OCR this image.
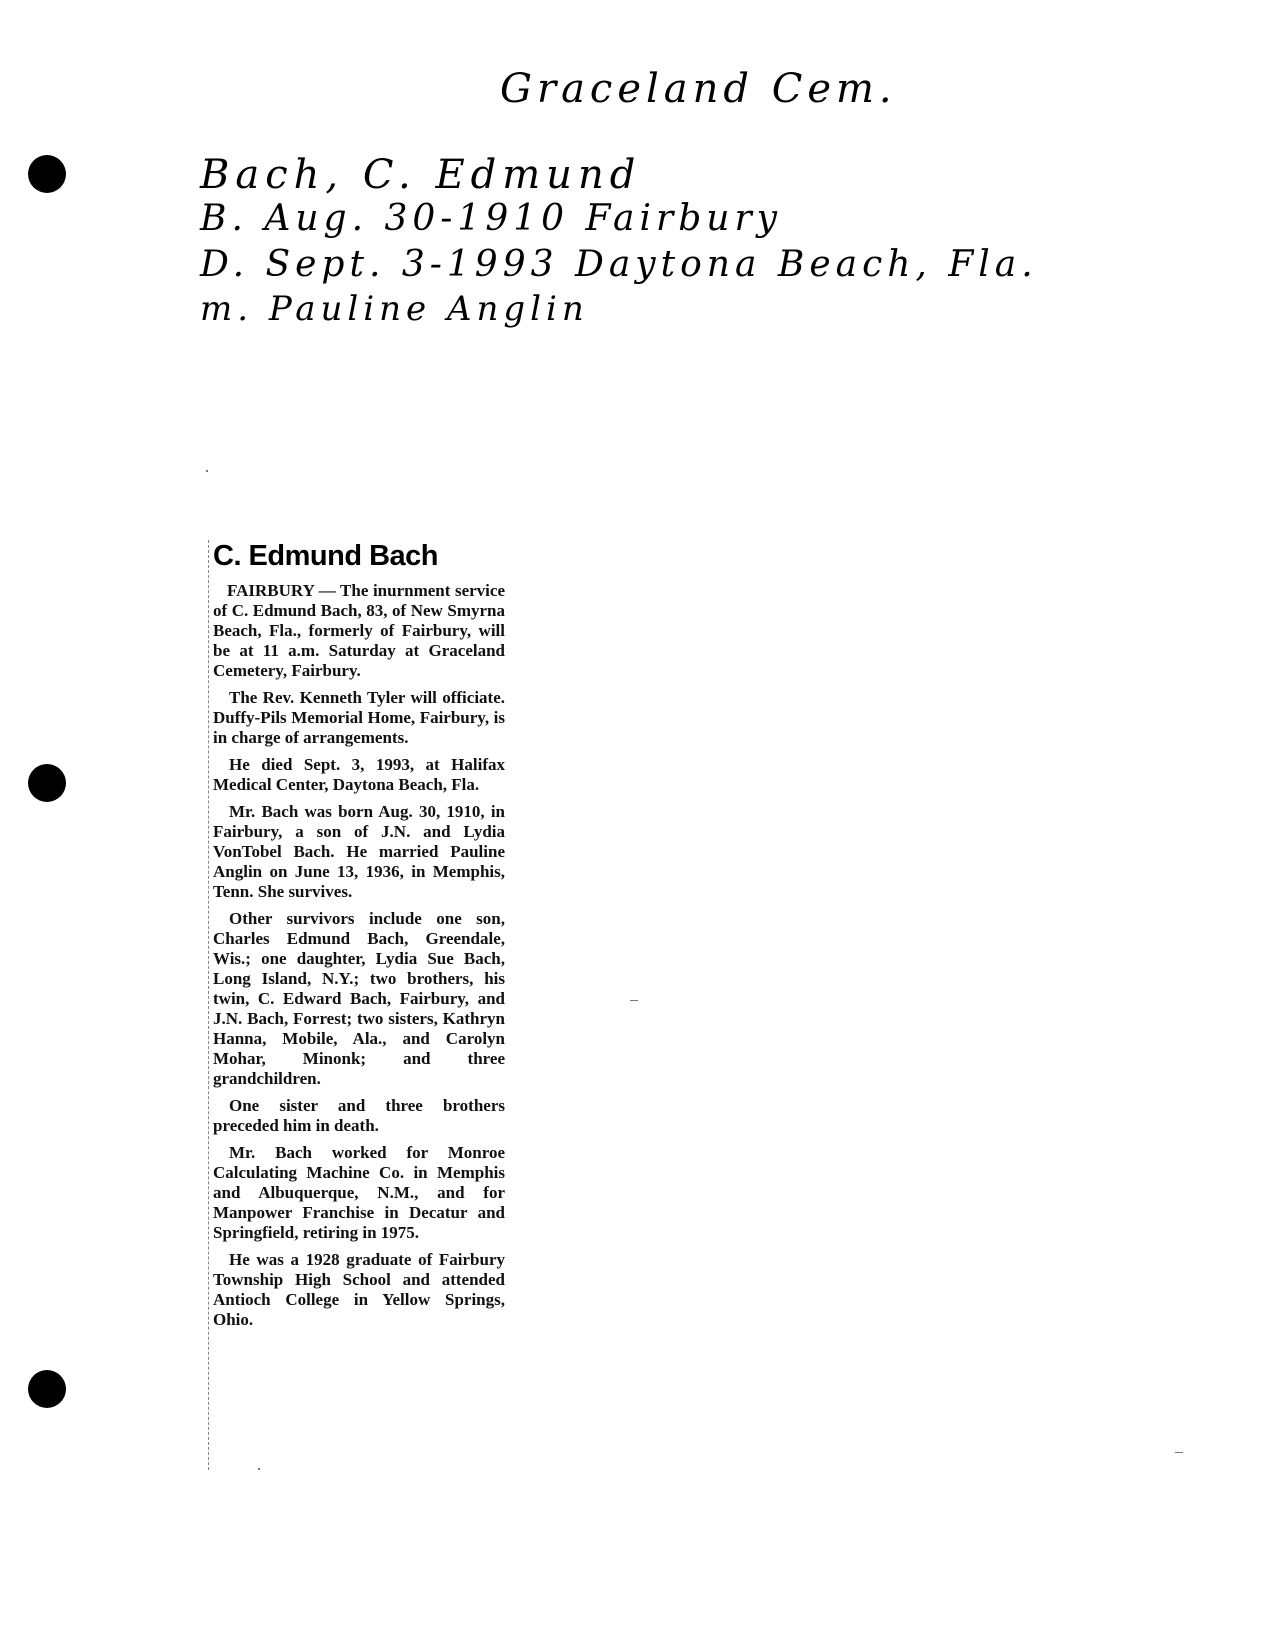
Graceland Cem.

Bach, C. Edmund

B. Aug. 30-1910 Fairbury

D. Sept. 3-1993 Daytona Beach, Fla.

m. Pauline Anglin

C. Edmund Bach

FAIRBURY — The inurnment service of C. Edmund Bach, 83, of New Smyrna Beach, Fla., formerly of Fairbury, will be at 11 a.m. Saturday at Graceland Cemetery, Fairbury.

The Rev. Kenneth Tyler will officiate. Duffy-Pils Memorial Home, Fairbury, is in charge of arrangements.

He died Sept. 3, 1993, at Halifax Medical Center, Daytona Beach, Fla.

Mr. Bach was born Aug. 30, 1910, in Fairbury, a son of J.N. and Lydia VonTobel Bach. He married Pauline Anglin on June 13, 1936, in Memphis, Tenn. She survives.

Other survivors include one son, Charles Edmund Bach, Greendale, Wis.; one daughter, Lydia Sue Bach, Long Island, N.Y.; two brothers, his twin, C. Edward Bach, Fairbury, and J.N. Bach, Forrest; two sisters, Kathryn Hanna, Mobile, Ala., and Carolyn Mohar, Minonk; and three grandchildren.

One sister and three brothers preceded him in death.

Mr. Bach worked for Monroe Calculating Machine Co. in Memphis and Albuquerque, N.M., and for Manpower Franchise in Decatur and Springfield, retiring in 1975.

He was a 1928 graduate of Fairbury Township High School and attended Antioch College in Yellow Springs, Ohio.
